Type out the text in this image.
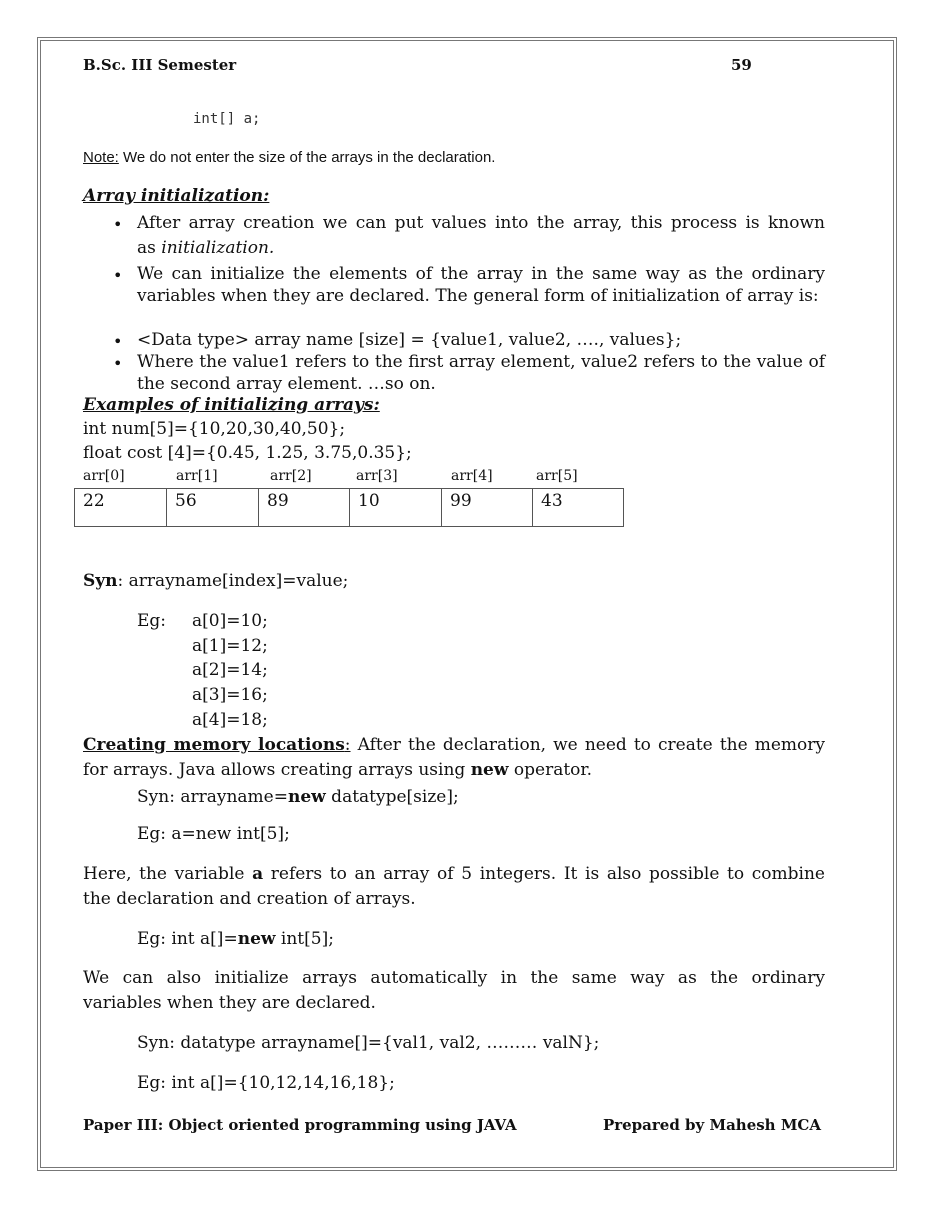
B.Sc. III Semester	59
int[] a;
Note: We do not enter the size of the arrays in the declaration.
Array initialization:
• After array creation we can put values into the array, this process is known
as initialization.
• We can initialize the elements of the array in the same way as the ordinary variables when they are declared. The general form of initialization of array is:
• <Data type> array name [size] = {value1, value2, …., values};
• Where the value1 refers to the first array element, value2 refers to the value of the second array element. …so on.
Examples of initializing arrays:
int num[5]={10,20,30,40,50};
float cost [4]={0.45, 1.25, 3.75,0.35};
arr[0]	arr[1]	arr[2]	arr[3]	arr[4]	arr[5]
22	56	89	10	99	43
Syn: arrayname[index]=value;
Eg: a[0]=10;
a[1]=12;
a[2]=14;
a[3]=16;
a[4]=18;
Creating memory locations: After the declaration, we need to create the memory
for arrays. Java allows creating arrays using new operator.
Syn: arrayname=new datatype[size];
Eg: a=new int[5];
Here, the variable a refers to an array of 5 integers. It is also possible to combine
the declaration and creation of arrays.
Eg: int a[]=new int[5];
We can also initialize arrays automatically in the same way as the ordinary
variables when they are declared.
Syn: datatype arrayname[]={val1, val2, ……… valN};
Eg: int a[]={10,12,14,16,18};
Paper III: Object oriented programming using JAVA	Prepared by Mahesh MCA
